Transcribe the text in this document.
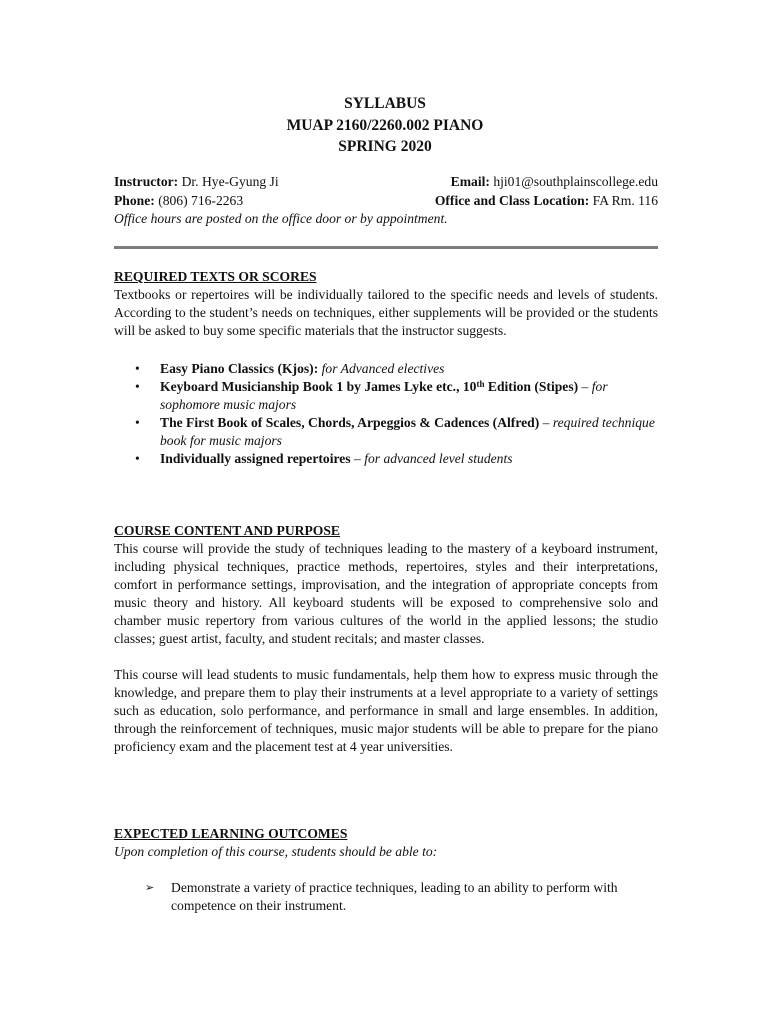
SYLLABUS
MUAP 2160/2260.002 PIANO
SPRING 2020
Instructor: Dr. Hye-Gyung Ji	Email: hji01@southplainscollege.edu
Phone: (806) 716-2263	Office and Class Location: FA Rm. 116
Office hours are posted on the office door or by appointment.
REQUIRED TEXTS OR SCORES
Textbooks or repertoires will be individually tailored to the specific needs and levels of students. According to the student’s needs on techniques, either supplements will be provided or the students will be asked to buy some specific materials that the instructor suggests.
• Easy Piano Classics (Kjos): for Advanced electives
• Keyboard Musicianship Book 1 by James Lyke etc., 10th Edition (Stipes) – for sophomore music majors
• The First Book of Scales, Chords, Arpeggios & Cadences (Alfred) – required technique book for music majors
• Individually assigned repertoires – for advanced level students
COURSE CONTENT AND PURPOSE
This course will provide the study of techniques leading to the mastery of a keyboard instrument, including physical techniques, practice methods, repertoires, styles and their interpretations, comfort in performance settings, improvisation, and the integration of appropriate concepts from music theory and history. All keyboard students will be exposed to comprehensive solo and chamber music repertory from various cultures of the world in the applied lessons; the studio classes; guest artist, faculty, and student recitals; and master classes.
This course will lead students to music fundamentals, help them how to express music through the knowledge, and prepare them to play their instruments at a level appropriate to a variety of settings such as education, solo performance, and performance in small and large ensembles. In addition, through the reinforcement of techniques, music major students will be able to prepare for the piano proficiency exam and the placement test at 4 year universities.
EXPECTED LEARNING OUTCOMES
Upon completion of this course, students should be able to:
➢ Demonstrate a variety of practice techniques, leading to an ability to perform with competence on their instrument.
